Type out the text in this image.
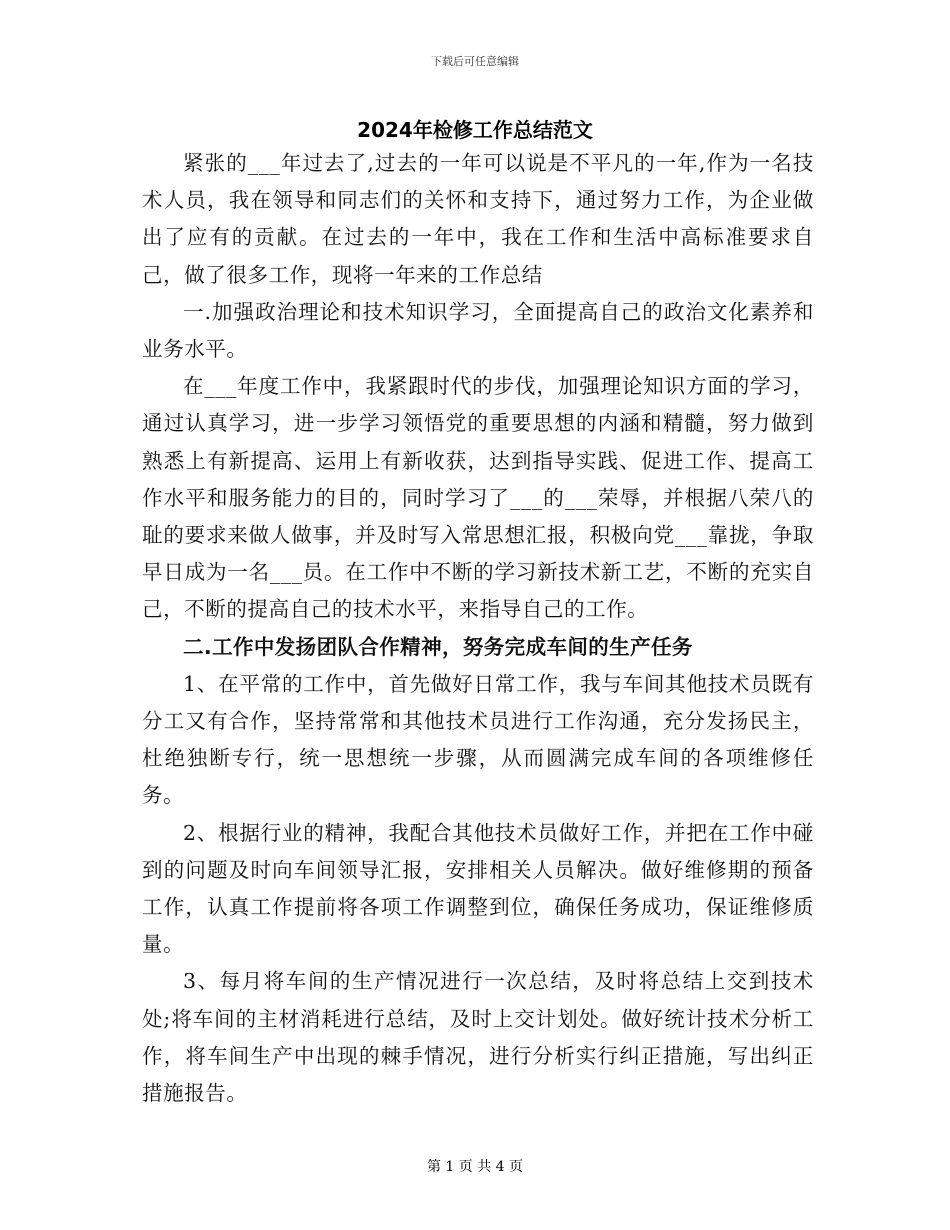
下载后可任意编辑
2024年检修工作总结范文

紧张的___年过去了,过去的一年可以说是不平凡的一年,作为一名技术人员，我在领导和同志们的关怀和支持下，通过努力工作，为企业做出了应有的贡献。在过去的一年中，我在工作和生活中高标准要求自己，做了很多工作，现将一年来的工作总结

一.加强政治理论和技术知识学习，全面提高自己的政治文化素养和业务水平。

在___年度工作中，我紧跟时代的步伐，加强理论知识方面的学习，通过认真学习，进一步学习领悟党的重要思想的内涵和精髓，努力做到熟悉上有新提高、运用上有新收获，达到指导实践、促进工作、提高工作水平和服务能力的目的，同时学习了___的___荣辱，并根据八荣八的耻的要求来做人做事，并及时写入常思想汇报，积极向党___靠拢，争取早日成为一名___员。在工作中不断的学习新技术新工艺，不断的充实自己，不断的提高自己的技术水平，来指导自己的工作。

二.工作中发扬团队合作精神，努务完成车间的生产任务

1、在平常的工作中，首先做好日常工作，我与车间其他技术员既有分工又有合作，坚持常常和其他技术员进行工作沟通，充分发扬民主，杜绝独断专行，统一思想统一步骤，从而圆满完成车间的各项维修任务。

2、根据行业的精神，我配合其他技术员做好工作，并把在工作中碰到的问题及时向车间领导汇报，安排相关人员解决。做好维修期的预备工作，认真工作提前将各项工作调整到位，确保任务成功，保证维修质量。

3、每月将车间的生产情况进行一次总结，及时将总结上交到技术处;将车间的主材消耗进行总结，及时上交计划处。做好统计技术分析工作，将车间生产中出现的棘手情况，进行分析实行纠正措施，写出纠正措施报告。

第 1 页 共 4 页
